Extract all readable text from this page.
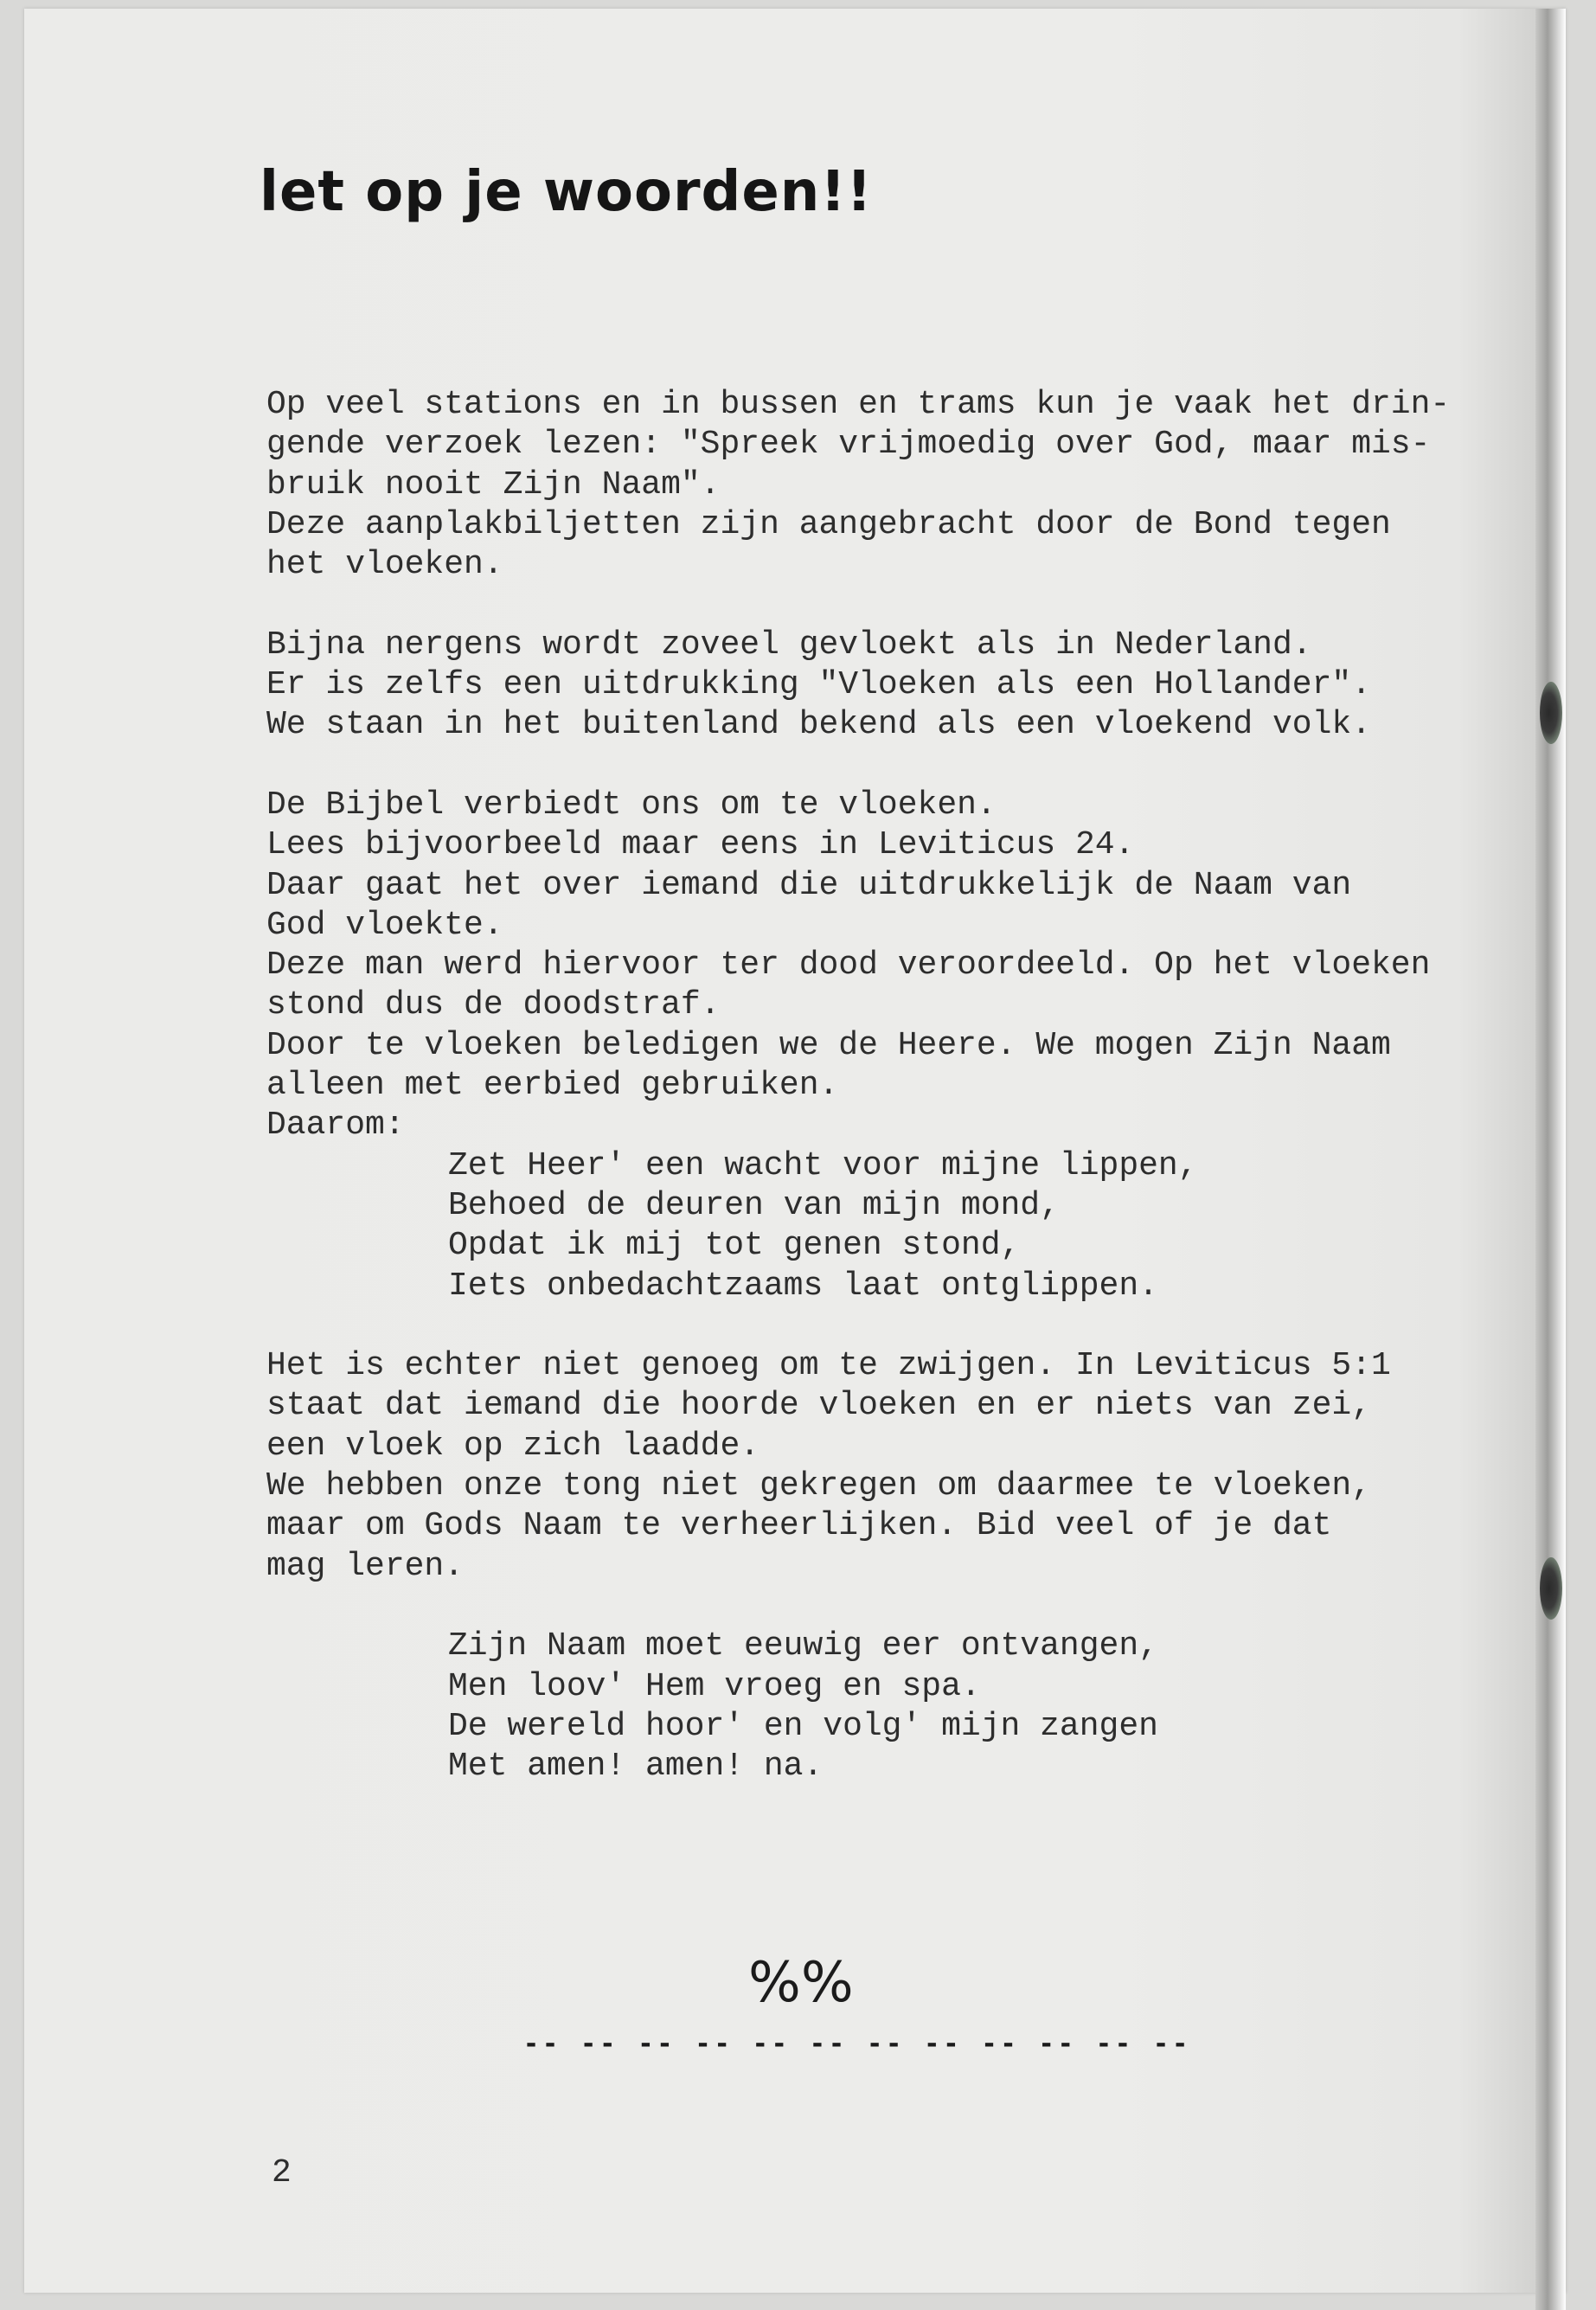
let op je woorden!!
Op veel stations en in bussen en trams kun je vaak het drin-
gende verzoek lezen: "Spreek vrijmoedig over God, maar mis-
bruik nooit Zijn Naam".
Deze aanplakbiljetten zijn aangebracht door de Bond tegen
het vloeken.
Bijna nergens wordt zoveel gevloekt als in Nederland.
Er is zelfs een uitdrukking "Vloeken als een Hollander".
We staan in het buitenland bekend als een vloekend volk.
De Bijbel verbiedt ons om te vloeken.
Lees bijvoorbeeld maar eens in Leviticus 24.
Daar gaat het over iemand die uitdrukkelijk de Naam van
God vloekte.
Deze man werd hiervoor ter dood veroordeeld. Op het vloeken
stond dus de doodstraf.
Door te vloeken beledigen we de Heere. We mogen Zijn Naam
alleen met eerbied gebruiken.
Daarom:
Zet Heer' een wacht voor mijne lippen,
Behoed de deuren van mijn mond,
Opdat ik mij tot genen stond,
Iets onbedachtzaams laat ontglippen.
Het is echter niet genoeg om te zwijgen. In Leviticus 5:1
staat dat iemand die hoorde vloeken en er niets van zei,
een vloek op zich laadde.
We hebben onze tong niet gekregen om daarmee te vloeken,
maar om Gods Naam te verheerlijken. Bid veel of je dat
mag leren.
Zijn Naam moet eeuwig eer ontvangen,
Men loov' Hem vroeg en spa.
De wereld hoor' en volg' mijn zangen
Met amen! amen! na.
%%
-- -- -- -- -- -- -- -- -- -- -- --
2
